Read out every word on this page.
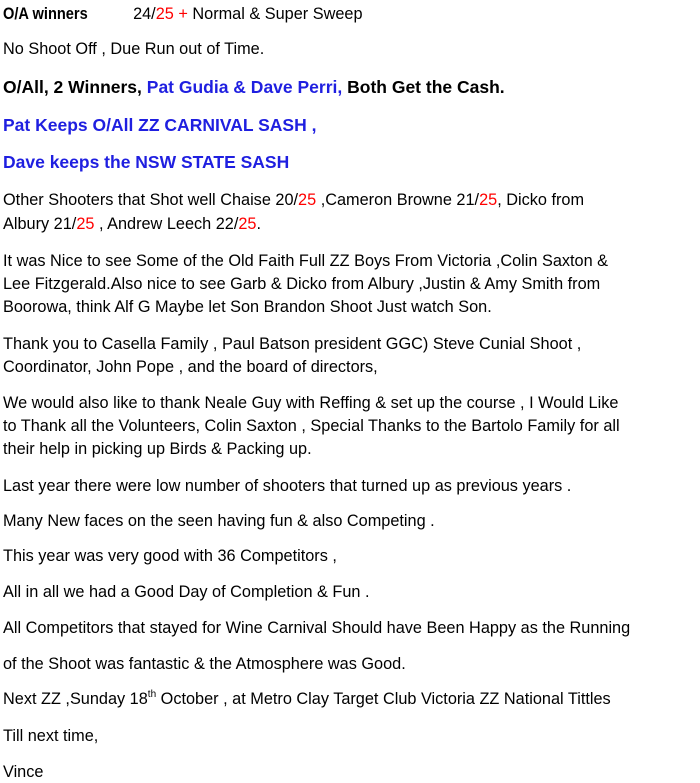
O/A winners	24/25 + Normal & Super Sweep

No Shoot Off , Due Run out of Time.

O/All, 2 Winners, Pat Gudia & Dave Perri, Both Get the Cash.

Pat Keeps O/All ZZ CARNIVAL SASH ,

Dave keeps the NSW STATE SASH

Other Shooters that Shot well Chaise 20/25 ,Cameron Browne 21/25, Dicko from

Albury 21/25 , Andrew Leech 22/25.

It was Nice to see Some of the Old Faith Full ZZ Boys From Victoria ,Colin Saxton &

Lee Fitzgerald.Also nice to see Garb & Dicko from Albury ,Justin & Amy Smith from

Boorowa, think Alf G Maybe let Son Brandon Shoot Just watch Son.

Thank you to Casella Family , Paul Batson president GGC) Steve Cunial Shoot ,

Coordinator, John Pope , and the board of directors,

We would also like to thank Neale Guy with Reffing & set up the course , I Would Like

to Thank all the Volunteers, Colin Saxton , Special Thanks to the Bartolo Family for all

their help in picking up Birds & Packing up.

Last year there were low number of shooters that turned up as previous years .

Many New faces on the seen having fun & also Competing .

This year was very good with 36 Competitors ,

All in all we had a Good Day of Completion & Fun .

All Competitors that stayed for Wine Carnival Should have Been Happy as the Running

of the Shoot was fantastic & the Atmosphere was Good.

Next ZZ ,Sunday 18th October , at Metro Clay Target Club Victoria ZZ National Tittles

Till next time,

Vince
